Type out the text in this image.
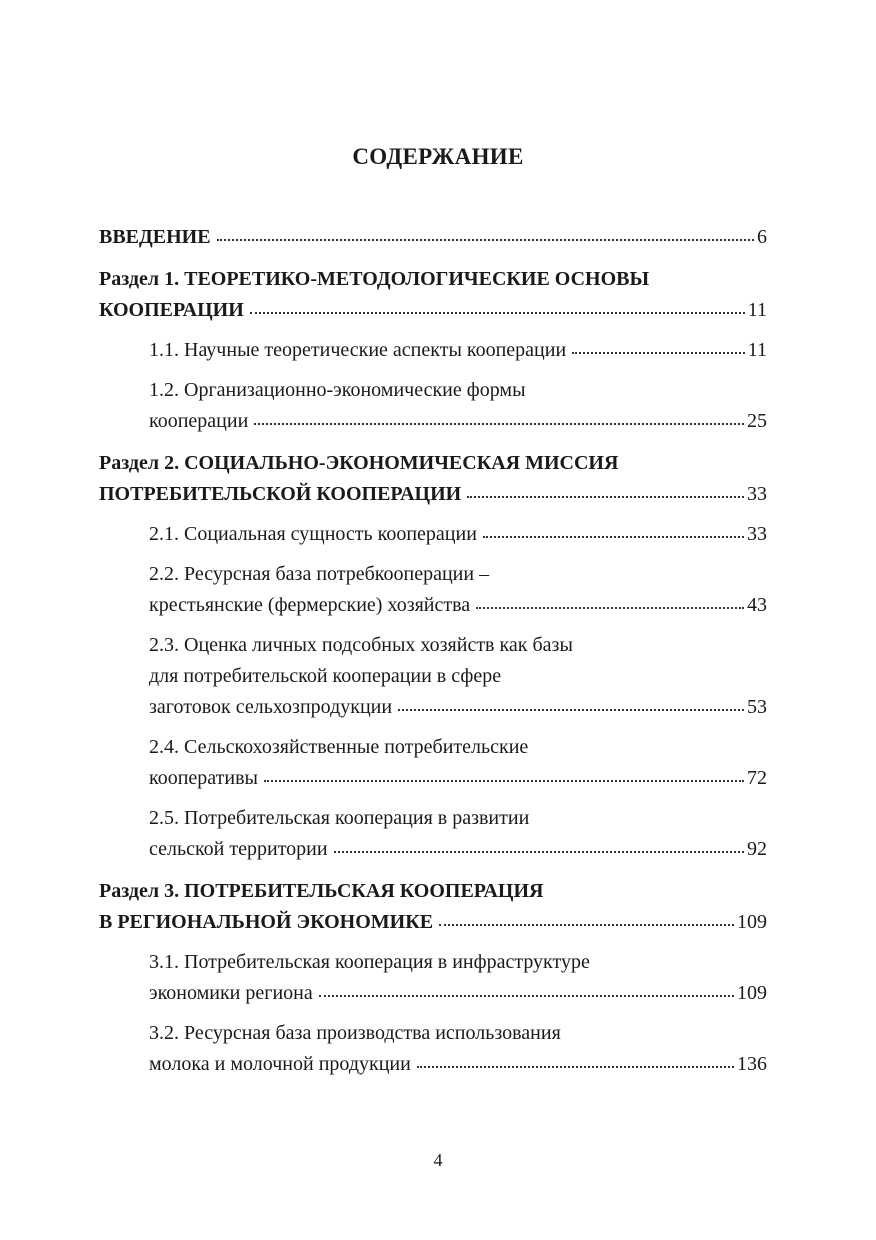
СОДЕРЖАНИЕ
ВВЕДЕНИЕ	6
Раздел 1. ТЕОРЕТИКО-МЕТОДОЛОГИЧЕСКИЕ ОСНОВЫ
КООПЕРАЦИИ	11
1.1. Научные теоретические аспекты кооперации	11
1.2. Организационно-экономические формы
кооперации	25
Раздел 2. СОЦИАЛЬНО-ЭКОНОМИЧЕСКАЯ МИССИЯ
ПОТРЕБИТЕЛЬСКОЙ КООПЕРАЦИИ	33
2.1. Социальная сущность кооперации	33
2.2. Ресурсная база потребкооперации –
крестьянские (фермерские) хозяйства	43
2.3. Оценка личных подсобных хозяйств как базы
для потребительской кооперации в сфере
заготовок сельхозпродукции	53
2.4. Сельскохозяйственные потребительские
кооперативы	72
2.5. Потребительская кооперация в развитии
сельской территории	92
Раздел 3. ПОТРЕБИТЕЛЬСКАЯ КООПЕРАЦИЯ
В РЕГИОНАЛЬНОЙ ЭКОНОМИКЕ	109
3.1. Потребительская кооперация в инфраструктуре
экономики региона	109
3.2. Ресурсная база производства использования
молока и молочной продукции	136
4
